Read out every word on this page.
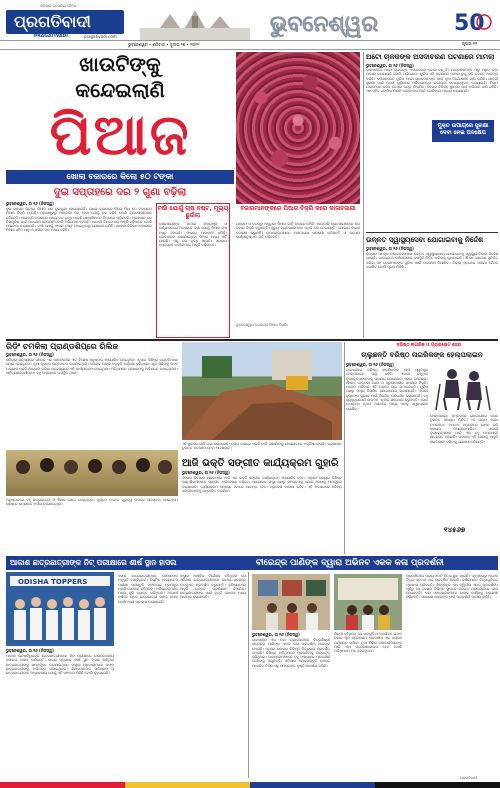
ଓଡ଼ିଶାର ଜନପ୍ରିୟ ଦୈନିକ
ପ୍ରଗତିବାଦୀ
PRAGATIVADI	pragativadi.com	ଭୁବନେଶ୍ୱର	50
ଭୁବନେଶ୍ୱର • ଶନିବାର • ଜୁଲାଇ ୨୭ • ୨୦୨୨	ପୃଷ୍ଠା-୧୧
ଖାଉଟିଙ୍କୁ
କନ୍ଦେଇଲାଣି
ପିଆଜ
ଖୋଲା ବଜାରରେ କିଲୋ ୫୦ ଟଙ୍କା
ଦୁଇ ସପ୍ତାହରେ ଦର ୨ ଗୁଣା ବଢ଼ିଲା
ଭୁବନେଶ୍ୱର, ତା ୨୬ (ନିଜସ୍ୱ)
ଦୁଇ ସପ୍ତାହ ଭିତରେ ପିଆଜ ଦର ଦୁଇଗୁଣା ହୋଇଯାଇଛି। ଖୋଲା ବଜାରରେ କିଲୋ ପିଛା ୫୦ ଟଙ୍କାରେ ପିଆଜ ବିକ୍ରି ହେଉଛି। ମହାରାଷ୍ଟ୍ରରୁ ଆମଦାନୀ କମ୍ ହେବା ଯୋଗୁଁ ଦର ବଢ଼ିଛି ବୋଲି ବ୍ୟବସାୟୀମାନେ କହିଛନ୍ତି। ପାଇକାରି ବଜାରରେ ମଧ୍ୟ ଦର ବୃଦ୍ଧି ପାଇଛି। ଖାଉଟିମାନେ ଚିନ୍ତାରେ ପଡ଼ିଛନ୍ତି। ପ୍ରଶାସନ ଦର ନିୟନ୍ତ୍ରଣ ପାଇଁ ପଦକ୍ଷେପ ନେଉନାହିଁ ବୋଲି ଅଭିଯୋଗ ହେଉଛି। ଆଗାମୀ ଦିନରେ ଦର ଆହୁରି ବଢ଼ିପାରେ ବୋଲି ଆଶଙ୍କା କରାଯାଉଛି। ବର୍ଷା ଯୋଗୁଁ ଫସଲ ନଷ୍ଟ ହୋଇଥିବାରୁ ଯୋଗାଣ କମିଛି। ସହରର ବିଭିନ୍ନ ବଜାରରେ ପିଆଜ ସହିତ ଆଳୁ ଓ ପରିବା ଦର ମଧ୍ୟ ବଢ଼ିଛି।
ବର୍ଷା ଯୋଗୁଁ ଚାଷ ନଷ୍ଟ, ମୂଲ୍ୟ ଛୁଉଁଲା
ବ୍ୟବସାୟୀଙ୍କ ମତରେ ମହାରାଷ୍ଟ୍ର ଓ କର୍ଣ୍ଣାଟକରେ ଅତ୍ୟଧିକ ବର୍ଷା ଯୋଗୁଁ ପିଆଜ ଚାଷ ନଷ୍ଟ ହୋଇଛି। ଫଳରେ ଆମଦାନୀ କମିଛି। ଗୋଦାମରେ ରଖାଯାଇଥିବା ପିଆଜ ମଧ୍ୟ ପଚି ଯାଉଛି। ଏଣୁ ଦର ବୃଦ୍ଧି ପାଉଛି। ସରକାର ହସ୍ତକ୍ଷେପ ନକଲେ ଦର ଆହୁରି ବଢ଼ିପାରେ।
ବଜାରମାନଙ୍କରେ ପିଆଜ ବିକ୍ରି କରେ କାଳାବଜାରୀ
ଗଞ୍ଜାମ ଓ କଟକରୁ ଆସୁଥିବା ପିଆଜ ଗାଡ଼ି ସଂଖ୍ୟା କମିଛି। ପାଇକାରି ବ୍ୟବସାୟୀମାନେ ଦର ବଢ଼ାଇ ବିକ୍ରି କରୁଛନ୍ତି। ଖୁଚୁରା ବ୍ୟବସାୟୀମାନେ ଅଧିକ ଦର ନେଉଛନ୍ତି। ଯୋଗାଣ ବିଭାଗ ତଦାରଖ କରୁନାହିଁ। ଉପଭୋକ୍ତାମାନେ ଅସନ୍ତୋଷ ପ୍ରକାଶ କରିଛନ୍ତି ଓ କଠୋର କାର୍ଯ୍ୟାନୁଷ୍ଠାନ ଦାବି କରିଛନ୍ତି।
ଭୁବନେଶ୍ୱର ବଜାରରେ ପିଆଜ ବିକ୍ରି।
ଅଟୋ ଚାଳକଙ୍କ ଅସଦାଚରଣ ଘଟଣାରେ ମାମଲା
ଭୁବନେଶ୍ୱର, ତା ୨୬ (ନିଜସ୍ୱ)
ରାଜଧାନୀରେ ଅଟୋ ଚାଳକଙ୍କ ଅସଦାଚରଣ ଘଟଣା ବଢ଼ୁଛି। ଯାତ୍ରୀମାନଙ୍କ ଠାରୁ ଅଧିକ ଭଡ଼ା ଆଦାୟ କରାଯାଉଛି ବୋଲି ଅଭିଯୋଗ। ପୁଲିସ ଏହି ଘଟଣାରେ ମାମଲା ରୁଜୁ କରି ତଦନ୍ତ ଆରମ୍ଭ କରିଛି। କମିଶନରେଟ ପୁଲିସ ଅଟୋ ଚାଳକମାନଙ୍କ ପାଇଁ ନୂଆ ନିର୍ଦ୍ଦେଶନାମା ଜାରି କରିଛି। ଯାତ୍ରୀ ସୁରକ୍ଷା ପାଇଁ ଅଟୋ ଗୁଡ଼ିକରେ ପରିଚୟପତ୍ର ଲଗାଇବା ବାଧ୍ୟତାମୂଳକ କରାଯାଇଛି। ନିୟମ ଉଲ୍ଲଂଘନ କଲେ କଠୋର ଦଣ୍ଡ ଦିଆଯିବ। ସହରର ବିଭିନ୍ନ ସ୍ଥାନରେ ଯାଞ୍ଚ ଅଭିଯାନ ଜାରି ରହିଛି। ଏହା ସହିତ ଟ୍ରାଫିକ ନିୟମ ଉଲ୍ଲଂଘନ ପାଇଁ ଜୋରିମାନା ଆଦାୟ କରାଯାଉଛି।
ମୁକ୍ତ ଉପାୟରେ ସୁରକ୍ଷା ଦେବା ନେଇ ପଦକ୍ଷେପ
ଉନ୍ନତ ସ୍ୱାସ୍ଥ୍ୟସେବା ଯୋଗାଇବାକୁ ନିର୍ଦ୍ଦେଶ
ଭୁବନେଶ୍ୱର, ତା ୨୬ (ନିଜସ୍ୱ)
ରାଜ୍ୟର ସମସ୍ତ ଡାକ୍ତରଖାନାରେ ଉନ୍ନତ ସ୍ୱାସ୍ଥ୍ୟସେବା ଯୋଗାଇବାକୁ ସ୍ୱାସ୍ଥ୍ୟ ବିଭାଗ ନିର୍ଦ୍ଦେଶ ଦେଇଛି। ଡାକ୍ତର ଓ କର୍ମଚାରୀଙ୍କ ଉପସ୍ଥିତି ନିଶ୍ଚିତ କରିବାକୁ କୁହାଯାଇଛି। ଔଷଧ ଯୋଗାଣ ସୁନିଶ୍ଚିତ କରିବା ସହ ରୋଗୀମାନଙ୍କ ସୁବିଧା ପାଇଁ ପଦକ୍ଷେପ ନିଆଯିବ। ଜିଲ୍ଲା ସ୍ତରରେ ସମୀକ୍ଷା ବୈଠକ କରାଯିବ ବୋଲି ସୂଚନା ମିଳିଛି।
ରିଡ଼ିଂ ଚମକିଲା ପ୍ରାଣ୍ଡଶିପ୍‌ରେ ରିଲିଜ
ଭୁବନେଶ୍ୱର, ତା ୨୬ (ନିଜସ୍ୱ)
ଶନିବାର ସନ୍ଧ୍ୟାରେ ସହରର ଏକ ହୋଟେଲରେ ଏକ ବିଶେଷ ଅନୁଷ୍ଠାନ ଆୟୋଜିତ ହୋଇଥିଲା। ଏଥିରେ ବିଶିଷ୍ଟ ବ୍ୟକ୍ତିମାନେ ଯୋଗ ଦେଇଥିଲେ। ନୂଆ ପୁସ୍ତକ ଉନ୍ମୋଚନ କରାଯାଇଥିଲା। ଲେଖକ ତାଙ୍କ ଅନୁଭୂତି ବର୍ଣ୍ଣନା କରିଥିଲେ। ଯୁବ ପିଢ଼ିଙ୍କୁ ପଠନ ଅଭ୍ୟାସ ପ୍ରତି ଆଗ୍ରହୀ କରିବା ଉଦ୍ଦେଶ୍ୟରେ ଏହି କାର୍ଯ୍ୟକ୍ରମ ହୋଇଥିଲା। ଅତିଥିମାନେ ଲେଖକଙ୍କୁ ଅଭିନନ୍ଦନ ଜଣାଇଥିଲେ। ସାହିତ୍ୟପ୍ରେମୀମାନେ ବହୁ ସଂଖ୍ୟାରେ ଉପସ୍ଥିତ ଥିଲେ।
ଅନୁଷ୍ଠାନରେ ବହୁ ଛାତ୍ରଛାତ୍ରୀ ଓ ଶିକ୍ଷକ ଯୋଗ ଦେଇଥିଲେ। ପୁସ୍ତକ ପଠନର ଗୁରୁତ୍ୱ ଉପରେ ଆଲୋଚନା ହୋଇଥିଲା। ଶେଷରେ ଧନ୍ୟବାଦ ଅର୍ପଣ କରାଯାଇଥିଲା।
ଏହି ସ୍ଥାନରେ ବାଲି ଗଦା କରାଯାଇଛି। ରାସ୍ତା ପାଖରେ ଏଭଳି ବାଲି ରଖାଯିବାରୁ ଯାତାୟାତରେ ଅସୁବିଧା ହେଉଛି। ପ୍ରଶାସନ ତୁରନ୍ତ ପଦକ୍ଷେପ ନେବା ଆବଶ୍ୟକ।
ଆଜି ଭକ୍ତି ସଙ୍ଗୀତ କାର୍ଯ୍ୟକ୍ରମ ଗୁହାରି
ଭୁବନେଶ୍ୱର, ତା ୨୬ (ନିଜସ୍ୱ)
ସହରର ରବୀନ୍ଦ୍ର ମଣ୍ଡପରେ ଆଜି ଏକ ଭକ୍ତି ସଙ୍ଗୀତ କାର୍ଯ୍ୟକ୍ରମ ଆୟୋଜିତ ହେବ। ଏଥିରେ ରାଜ୍ୟର ବିଶିଷ୍ଟ କଣ୍ଠଶିଳ୍ପୀମାନେ ସଙ୍ଗୀତ ପରିବେଷଣ କରିବେ। ଆୟୋଜକ ସଂସ୍ଥା ପକ୍ଷରୁ ସମସ୍ତଙ୍କୁ ଯୋଗ ଦେବାକୁ ଆମନ୍ତ୍ରଣ କରାଯାଇଛି। କାର୍ଯ୍ୟକ୍ରମ ସନ୍ଧ୍ୟା ୬ଟାରେ ଆରମ୍ଭ ହେବ। ପ୍ରବେଶ ମାଗଣା ରହିବ। ଏହି ଅବସରରେ ବରିଷ୍ଠ ସଙ୍ଗୀତଜ୍ଞଙ୍କୁ ସମ୍ମାନିତ କରାଯିବ।
ବରିଷ୍ଠ ନାଗରିକ ଓ ପ୍ରାଇଭେଟ ସେବା
ଚାଲୁଛନ୍ତି ବରିଷ୍ଠ ନାଗରିକଙ୍କ ହେଲ୍ପଲାଇନ
ଭୁବନେଶ୍ୱର, ତା ୨୬ (ନିଜସ୍ୱ)
ରାଜଧାନୀରେ ବରିଷ୍ଠ ନାଗରିକଙ୍କ ପାଇଁ ସ୍ୱତନ୍ତ୍ର ହେଲ୍ପଲାଇନ ଚାଲୁ ରହିଛି। ଏକାକୀ ରହୁଥିବା ବୃଦ୍ଧବୃଦ୍ଧାମାନଙ୍କୁ ସହାୟତା ଯୋଗାଇବା ଏହାର ଉଦ୍ଦେଶ୍ୟ। ଔଷଧ, ଡାକ୍ତରୀ ସେବା ଓ ଜରୁରୀକାଳୀନ ସହାୟତା ମିଳୁଛି। ଅନେକ ପରିବାର ଏହି ସେବାର ଲାଭ ଉଠାଉଛନ୍ତି। ପୁଲିସ ପକ୍ଷରୁ ମଧ୍ୟ ନିୟମିତ ଯୋଗାଯୋଗ ରଖାଯାଉଛି। ଏକାକୀ ବୃଦ୍ଧଙ୍କ ସୁରକ୍ଷା ପାଇଁ ନିୟମିତ ପରିଦର୍ଶନ କରାଯାଉଛି। ବହୁ ସ୍ୱେଚ୍ଛାସେବୀ ସଂଗଠନ ଏଥିରେ ସହଯୋଗ କରୁଛନ୍ତି। ସେବା ଉପଲବ୍ଧ ନଥିବା ଅଞ୍ଚଳରେ ମଧ୍ୟ ଏହାକୁ ସମ୍ପ୍ରସାରଣ କରାଯିବ।
ହେଲ୍ପଲାଇନ ନମ୍ବରରେ ଯୋଗାଯୋଗ କଲେ ତୁରନ୍ତ ସହାୟତା ମିଳିବ। ୨୪ ଘଣ୍ଟା ସେବା ଉପଲବ୍ଧ। ୧୪୫୬୭ ନମ୍ବରରେ ଫୋନ କରି ସହାୟତା ନିଆଯାଇପାରିବ। ଏକାକୀ ବୃଦ୍ଧବୃଦ୍ଧାଙ୍କ ପାଇଁ ଏହା ବହୁ ଉପଯୋଗୀ ସାବ୍ୟସ୍ତ ହୋଇଛି। ସରକାର ଏହି ସେବାକୁ ଆହୁରି ଶକ୍ତିଶାଳୀ କରିବାକୁ ଯୋଜନା କରିଛନ୍ତି।
୧୪୫୬୭
ଆକାଶ ଛାତ୍ରଛାତ୍ରୀଙ୍କ ନିଟ୍ ପରୀକ୍ଷାରେ ଶୀର୍ଷ ସ୍ଥାନ ହାସଲ	ବୀରେନ୍ଦ୍ର ପାଣିଙ୍କ ଦ୍ୱାରା ଅଭିନବ ଏକକ କଳା ପ୍ରଦର୍ଶନୀ
ODISHA TOPPERS
ଭୁବନେଶ୍ୱର, ତା ୨୬ (ନିଜସ୍ୱ)
ଆକାଶ ଇନଷ୍ଟିଚ୍ୟୁଟର ଛାତ୍ରଛାତ୍ରୀମାନେ ନିଟ୍ ପରୀକ୍ଷାରେ ଉଲ୍ଲେଖନୀୟ ସଫଳତା ହାସଲ କରିଛନ୍ତି। ରାଜ୍ୟ ସ୍ତରରେ ଶୀର୍ଷ ସ୍ଥାନ ହାସଲ କରିଥିବା ଛାତ୍ରଛାତ୍ରୀଙ୍କୁ ସମ୍ବର୍ଦ୍ଧିତ କରାଯାଇଥିଲା। ସଂସ୍ଥାର ଅଧିକାରୀମାନେ ସଫଳ ଛାତ୍ରଛାତ୍ରୀଙ୍କୁ ଅଭିନନ୍ଦନ ଜଣାଇଥିଲେ। ଶିକ୍ଷକମାନଙ୍କ ପରିଶ୍ରମ ଓ ଛାତ୍ରଛାତ୍ରୀଙ୍କ ଅଧ୍ୟବସାୟ ଯୋଗୁଁ ଏହି ସଫଳତା ମିଳିଛି ବୋଲି କୁହାଯାଇଛି।
ସଫଳ ଛାତ୍ରଛାତ୍ରୀମାନେ ସେମାନଙ୍କ ଅନୁଭୂତି ବାଣ୍ଟିଥିଲେ। ନିୟମିତ ଅଭ୍ୟାସ ଓ ପରୀକ୍ଷା ପ୍ରସ୍ତୁତି ସଫଳତାର ମୂଳମନ୍ତ୍ର ବୋଲି ସେମାନେ କହିଥିଲେ। ଅଭିଭାବକମାନେ ମଧ୍ୟ ଖୁସି ବ୍ୟକ୍ତ କରିଥିଲେ। ଆଗାମୀ ବର୍ଷରେ ଅଧିକ ଛାତ୍ରଛାତ୍ରୀ ସଫଳ ହେବେ ବୋଲି ଆଶା ପ୍ରକାଶ କରାଯାଇଛି।
ସଂସ୍ଥାର ଆଞ୍ଚଳିକ ନିର୍ଦ୍ଦେଶକ କହିଥିଲେ ଯେ ଓଡ଼ିଶାର ଛାତ୍ରଛାତ୍ରୀମାନେ ଜାତୀୟ ସ୍ତରରେ ଉତ୍କୃଷ୍ଟ ପ୍ରଦର୍ଶନ କରୁଛନ୍ତି। ଭବିଷ୍ୟତରେ ଆହୁରି ଉନ୍ନତ ପ୍ରଶିକ୍ଷଣ ଦିଆଯିବ। ଛାତ୍ରଛାତ୍ରୀଙ୍କ ପାଇଁ ବୃତ୍ତି ଯୋଜନା ମଧ୍ୟ ଆରମ୍ଭ କରାଯାଇଛି।
ଭୁବନେଶ୍ୱର, ତା ୨୬ (ନିଜସ୍ୱ)
ରାଜଧାନୀର ଏକ କଳା ଗ୍ୟାଲେରୀରେ ଚିତ୍ରଶିଳ୍ପୀ ବୀରେନ୍ଦ୍ର ପାଣିଙ୍କ ଏକକ କଳା ପ୍ରଦର୍ଶନୀ ଆରମ୍ଭ ହୋଇଛି। ଏଥିରେ ତାଙ୍କର ବିଭିନ୍ନ ଚିତ୍ରକଳା ପ୍ରଦର୍ଶିତ ହୋଇଛି। ବିଶିଷ୍ଟ ଅତିଥିମାନେ ପ୍ରଦର୍ଶନୀକୁ ଉଦ୍‌ଘାଟନ କରିଥିଲେ। କଳାପ୍ରେମୀମାନେ ବହୁ ସଂଖ୍ୟାରେ ପ୍ରଦର୍ଶନୀ ଦେଖିବାକୁ ଆସୁଛନ୍ତି। ଓଡ଼ିଶାର ଲୋକସଂସ୍କୃତି ଉପରେ ଆଧାରିତ ଚିତ୍ର ସବୁ ସମସ୍ତଙ୍କ ଦୃଷ୍ଟି ଆକର୍ଷଣ କରିଛି।
ଶିଳ୍ପୀ କହିଥିଲେ ଯେ ପ୍ରକୃତି ଓ ଜନଜୀବନ ତାଙ୍କ କଳାର ମୂଳ ପ୍ରେରଣା। ପ୍ରଦର୍ଶନୀ ଏକ ସପ୍ତାହ ପର୍ଯ୍ୟନ୍ତ ଚାଲିବ। ନୂଆ ପିଢ଼ିର କଳାକାରମାନଙ୍କ ପାଇଁ ଏହା ପ୍ରେରଣାଦାୟକ ହେବ ବୋଲି ଅତିଥିମାନେ ମତ ଦେଇଥିଲେ।
ପ୍ରଦର୍ଶନୀରେ ପ୍ରାୟ ୫୦ଟି ଚିତ୍ର ସ୍ଥାନ ପାଇଛି। ଏଥିମଧ୍ୟରୁ ଅନେକ ଚିତ୍ର ପ୍ରଥମ ଥର ପ୍ରଦର୍ଶିତ ହେଉଛି। ଦର୍ଶକମାନେ ଚିତ୍ରଗୁଡ଼ିକର ପ୍ରଶଂସା କରିଛନ୍ତି। ଶିଳ୍ପୀଙ୍କ ଏହା ଦ୍ୱିତୀୟ ଏକକ ପ୍ରଦର୍ଶନୀ। ପୂର୍ବରୁ ସେ ଦେଶର ବିଭିନ୍ନ ସ୍ଥାନରେ ଦଳଗତ ପ୍ରଦର୍ଶନୀରେ ଭାଗ ନେଇଛନ୍ତି। କଳା ସମାଲୋଚକମାନେ ତାଙ୍କ କାର୍ଯ୍ୟକୁ ପ୍ରଶଂସା କରିଛନ୍ତି। ସାଧାରଣ ଲୋକଙ୍କ ପାଇଁ ପ୍ରଦର୍ଶନୀ ମାଗଣା ରହିଛି।
ପ୍ରଗତିବାଦୀ
